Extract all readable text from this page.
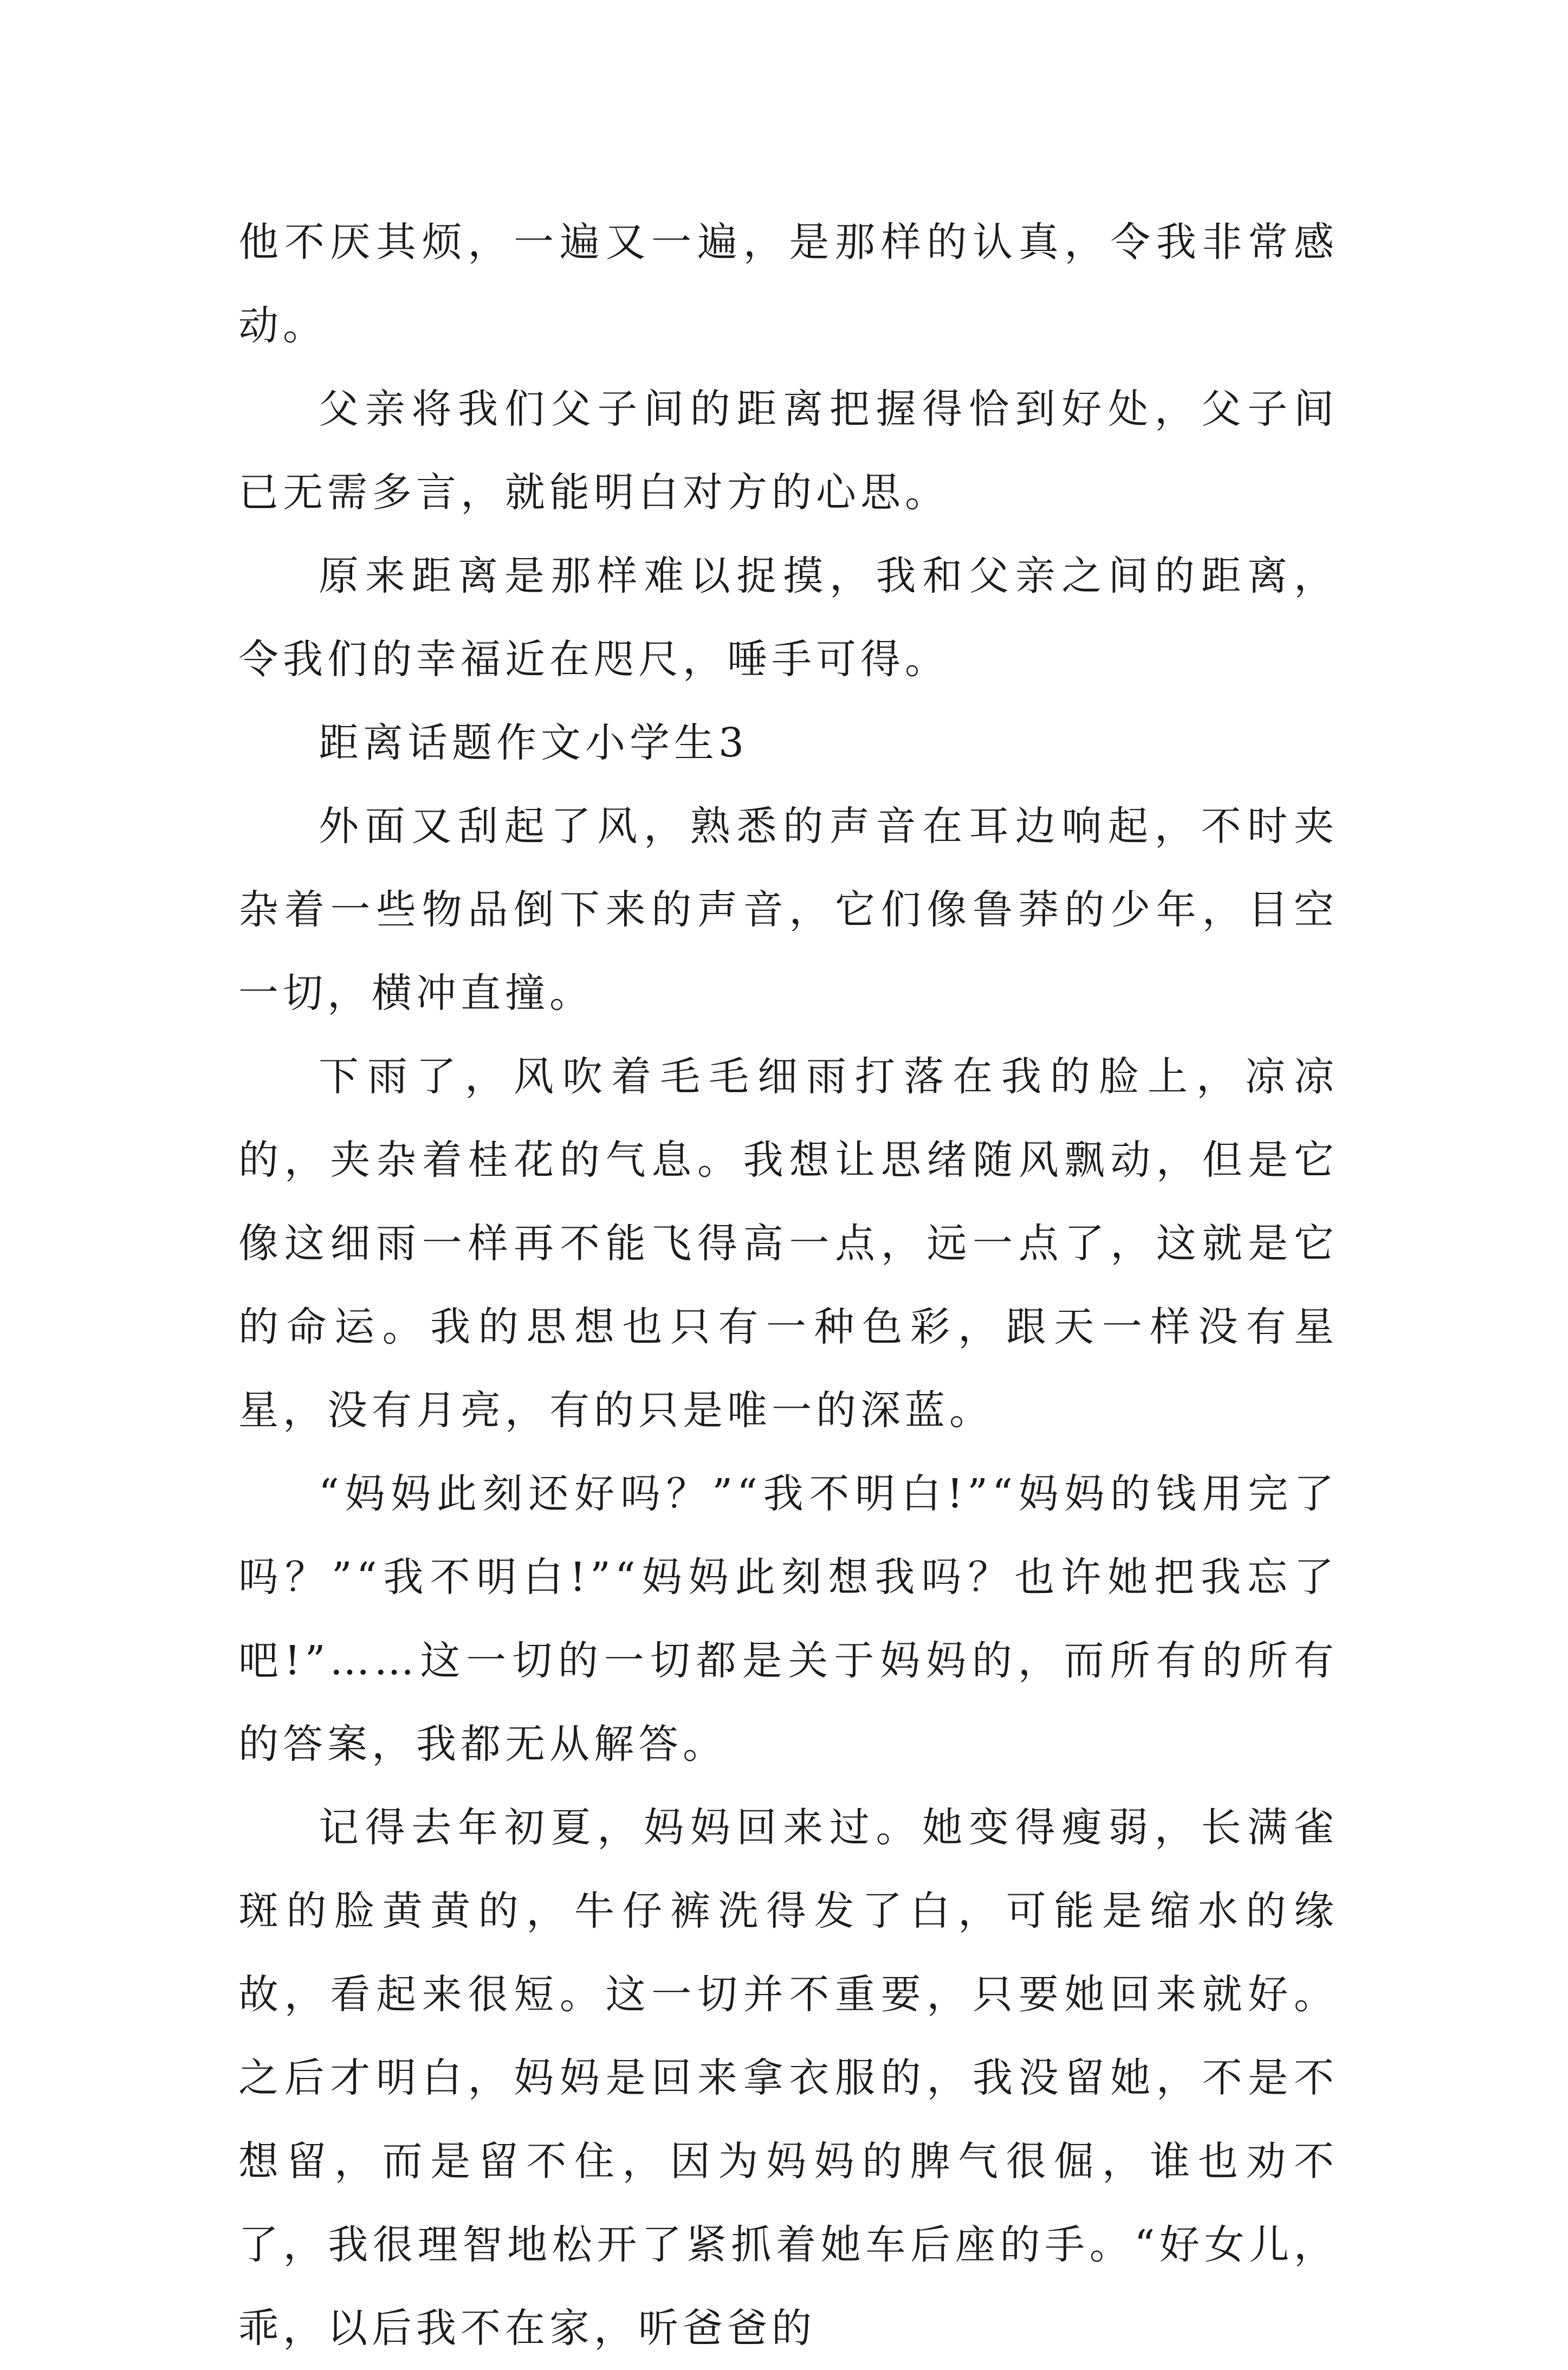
他不厌其烦，一遍又一遍，是那样的认真，令我非常感动。

父亲将我们父子间的距离把握得恰到好处，父子间已无需多言，就能明白对方的心思。

原来距离是那样难以捉摸，我和父亲之间的距离，令我们的幸福近在咫尺，唾手可得。

距离话题作文小学生3

外面又刮起了风，熟悉的声音在耳边响起，不时夹杂着一些物品倒下来的声音，它们像鲁莽的少年，目空一切，横冲直撞。

下雨了，风吹着毛毛细雨打落在我的脸上，凉凉的，夹杂着桂花的气息。我想让思绪随风飘动，但是它像这细雨一样再不能飞得高一点，远一点了，这就是它的命运。我的思想也只有一种色彩，跟天一样没有星星，没有月亮，有的只是唯一的深蓝。

“妈妈此刻还好吗？”“我不明白!”“妈妈的钱用完了吗？”“我不明白!”“妈妈此刻想我吗？也许她把我忘了吧!”……这一切的一切都是关于妈妈的，而所有的所有的答案，我都无从解答。

记得去年初夏，妈妈回来过。她变得瘦弱，长满雀斑的脸黄黄的，牛仔裤洗得发了白，可能是缩水的缘故，看起来很短。这一切并不重要，只要她回来就好。之后才明白，妈妈是回来拿衣服的，我没留她，不是不想留，而是留不住，因为妈妈的脾气很倔，谁也劝不了，我很理智地松开了紧抓着她车后座的手。“好女儿，乖，以后我不在家，听爸爸的
